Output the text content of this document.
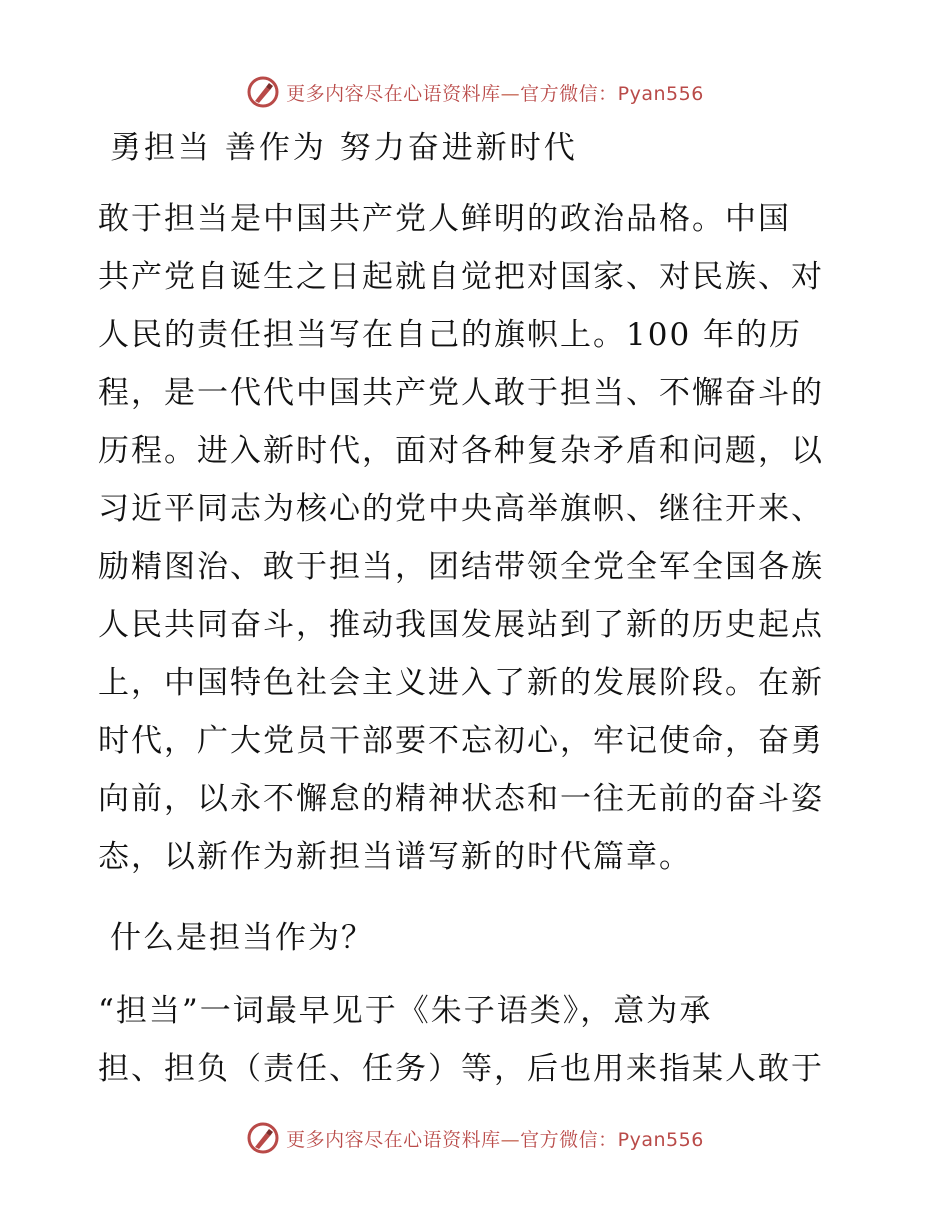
更多内容尽在心语资料库—官方微信：Pyan556
勇担当 善作为 努力奋进新时代
敢于担当是中国共产党人鲜明的政治品格。中国
共产党自诞生之日起就自觉把对国家、对民族、对
人民的责任担当写在自己的旗帜上。100 年的历
程，是一代代中国共产党人敢于担当、不懈奋斗的
历程。进入新时代，面对各种复杂矛盾和问题，以
习近平同志为核心的党中央高举旗帜、继往开来、
励精图治、敢于担当，团结带领全党全军全国各族
人民共同奋斗，推动我国发展站到了新的历史起点
上，中国特色社会主义进入了新的发展阶段。在新
时代，广大党员干部要不忘初心，牢记使命，奋勇
向前，以永不懈怠的精神状态和一往无前的奋斗姿
态，以新作为新担当谱写新的时代篇章。
什么是担当作为？
“担当”一词最早见于《朱子语类》，意为承
担、担负（责任、任务）等，后也用来指某人敢于
更多内容尽在心语资料库—官方微信：Pyan556
